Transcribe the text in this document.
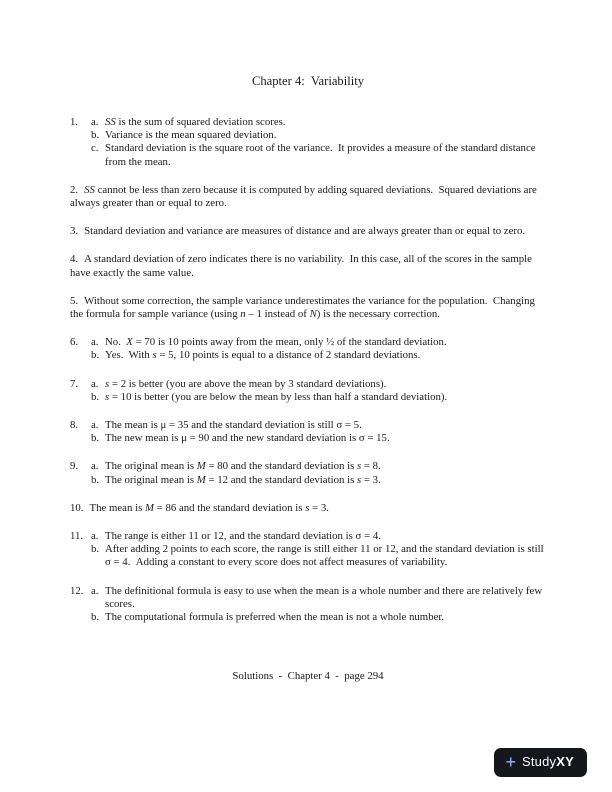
Chapter 4:  Variability
1.	a. SS is the sum of squared deviation scores.
b. Variance is the mean squared deviation.
c. Standard deviation is the square root of the variance.  It provides a measure of the standard distance from the mean.

2. SS cannot be less than zero because it is computed by adding squared deviations.  Squared deviations are always greater than or equal to zero.

3. Standard deviation and variance are measures of distance and are always greater than or equal to zero.

4. A standard deviation of zero indicates there is no variability.  In this case, all of the scores in the sample have exactly the same value.

5. Without some correction, the sample variance underestimates the variance for the population.  Changing the formula for sample variance (using n – 1 instead of N) is the necessary correction.

6.	a. No.  X = 70 is 10 points away from the mean, only ½ of the standard deviation.
b. Yes.  With s = 5, 10 points is equal to a distance of 2 standard deviations.
7.	a. s = 2 is better (you are above the mean by 3 standard deviations).
b. s = 10 is better (you are below the mean by less than half a standard deviation).
8.	a. The mean is μ = 35 and the standard deviation is still σ = 5.
b. The new mean is μ = 90 and the new standard deviation is σ = 15.
9.	a. The original mean is M = 80 and the standard deviation is s = 8.
b. The original mean is M = 12 and the standard deviation is s = 3.

10. The mean is M = 86 and the standard deviation is s = 3.

11. a. The range is either 11 or 12, and the standard deviation is σ = 4.
b. After adding 2 points to each score, the range is still either 11 or 12, and the standard deviation is still σ = 4.  Adding a constant to every score does not affect measures of variability.
12. a. The definitional formula is easy to use when the mean is a whole number and there are relatively few scores.
b. The computational formula is preferred when the mean is not a whole number.
Solutions  -  Chapter 4  -  page 294
+ StudyXY
